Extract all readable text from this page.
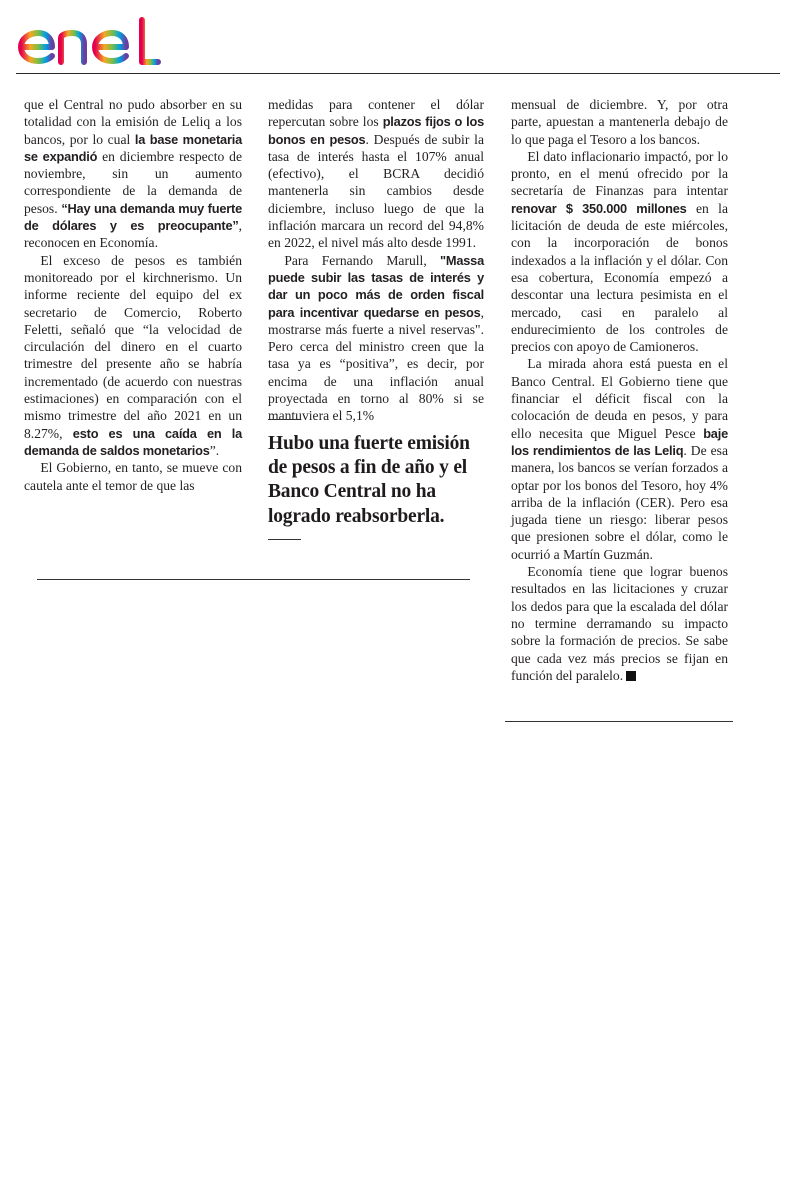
que el Central no pudo absorber en su totalidad con la emisión de Leliq a los bancos, por lo cual la base monetaria se expandió en diciembre respecto de noviembre, sin un aumento correspondiente de la demanda de pesos. “Hay una demanda muy fuerte de dólares y es preocupante”, reconocen en Economía.

El exceso de pesos es también monitoreado por el kirchnerismo. Un informe reciente del equipo del ex secretario de Comercio, Roberto Feletti, señaló que “la velocidad de circulación del dinero en el cuarto trimestre del presente año se habría incrementado (de acuerdo con nuestras estimaciones) en comparación con el mismo trimestre del año 2021 en un 8.27%, esto es una caída en la demanda de saldos monetarios”.

El Gobierno, en tanto, se mueve con cautela ante el temor de que las

medidas para contener el dólar repercutan sobre los plazos fijos o los bonos en pesos. Después de subir la tasa de interés hasta el 107% anual (efectivo), el BCRA decidió mantenerla sin cambios desde diciembre, incluso luego de que la inflación marcara un record del 94,8% en 2022, el nivel más alto desde 1991.

Para Fernando Marull, "Massa puede subir las tasas de interés y dar un poco más de orden fiscal para incentivar quedarse en pesos, mostrarse más fuerte a nivel reservas". Pero cerca del ministro creen que la tasa ya es “positiva”, es decir, por encima de una inflación anual proyectada en torno al 80% si se mantuviera el 5,1%

mensual de diciembre. Y, por otra parte, apuestan a mantenerla debajo de lo que paga el Tesoro a los bancos.

El dato inflacionario impactó, por lo pronto, en el menú ofrecido por la secretaría de Finanzas para intentar renovar $ 350.000 millones en la licitación de deuda de este miércoles, con la incorporación de bonos indexados a la inflación y el dólar. Con esa cobertura, Economía empezó a descontar una lectura pesimista en el mercado, casi en paralelo al endurecimiento de los controles de precios con apoyo de Camioneros.

La mirada ahora está puesta en el Banco Central. El Gobierno tiene que financiar el déficit fiscal con la colocación de deuda en pesos, y para ello necesita que Miguel Pesce baje los rendimientos de las Leliq. De esa manera, los bancos se verían forzados a optar por los bonos del Tesoro, hoy 4% arriba de la inflación (CER). Pero esa jugada tiene un riesgo: liberar pesos que presionen sobre el dólar, como le ocurrió a Martín Guzmán.

Economía tiene que lograr buenos resultados en las licitaciones y cruzar los dedos para que la escalada del dólar no termine derramando su impacto sobre la formación de precios. Se sabe que cada vez más precios se fijan en función del paralelo.

Hubo una fuerte emisión de pesos a fin de año y el Banco Central no ha logrado reabsorberla.
